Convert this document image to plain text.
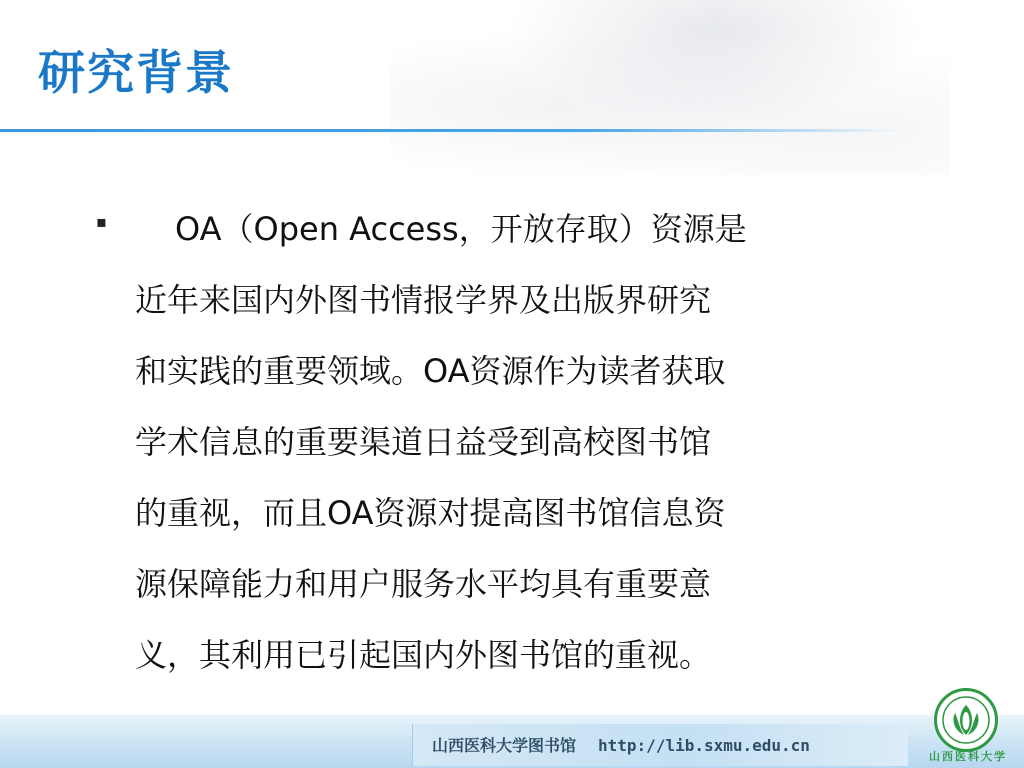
研究背景
▪	OA（Open Access，开放存取）资源是
近年来国内外图书情报学界及出版界研究
和实践的重要领域。OA资源作为读者获取
学术信息的重要渠道日益受到高校图书馆
的重视，而且OA资源对提高图书馆信息资
源保障能力和用户服务水平均具有重要意
义，其利用已引起国内外图书馆的重视。

山西医科大学图书馆 http://lib.sxmu.edu.cn
山西医科大学
